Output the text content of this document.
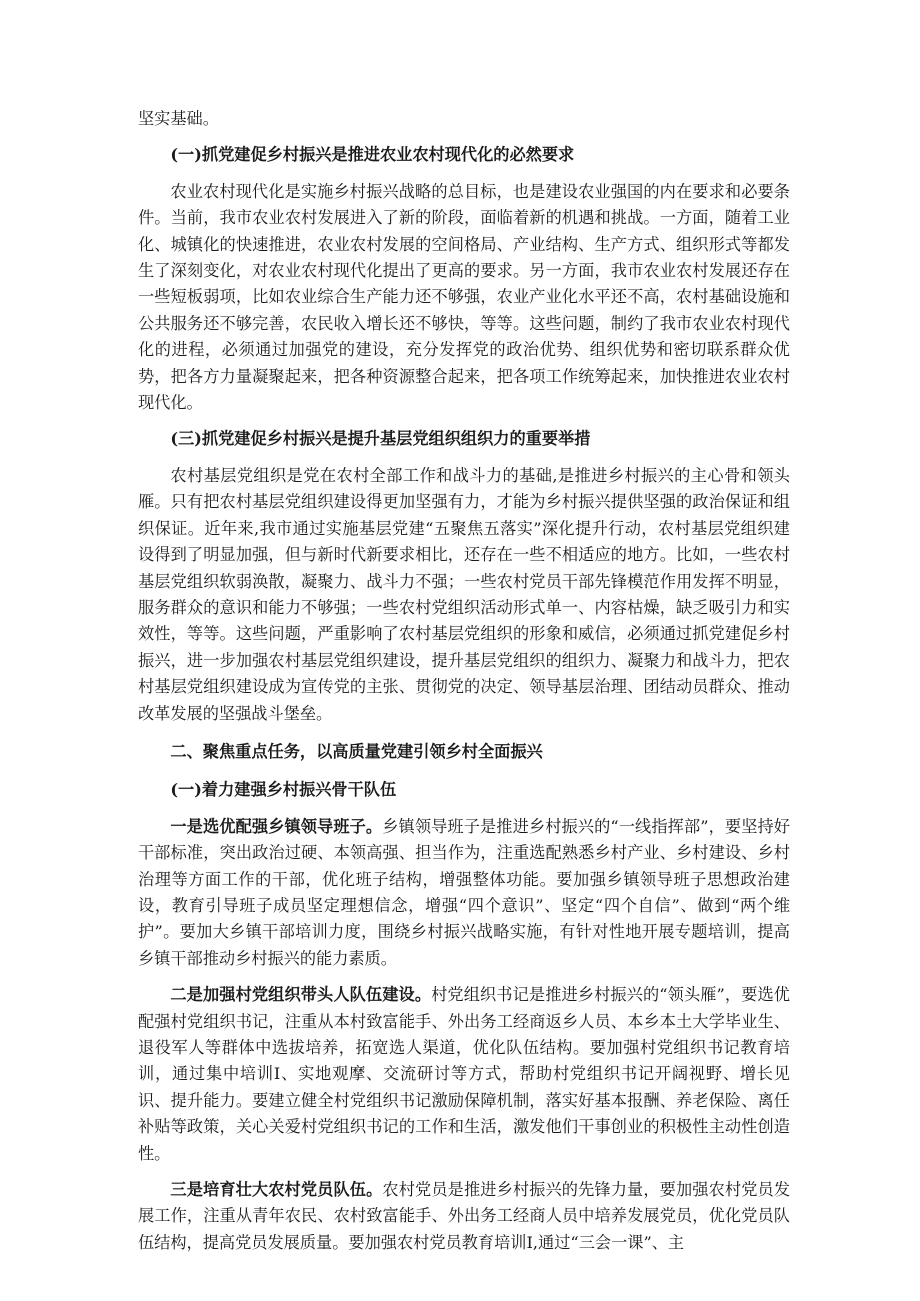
坚实基础。

(一)抓党建促乡村振兴是推进农业农村现代化的必然要求

农业农村现代化是实施乡村振兴战略的总目标，也是建设农业强国的内在要求和必要条件。当前，我市农业农村发展进入了新的阶段，面临着新的机遇和挑战。一方面，随着工业化、城镇化的快速推进，农业农村发展的空间格局、产业结构、生产方式、组织形式等都发生了深刻变化，对农业农村现代化提出了更高的要求。另一方面，我市农业农村发展还存在一些短板弱项，比如农业综合生产能力还不够强，农业产业化水平还不高，农村基础设施和公共服务还不够完善，农民收入增长还不够快，等等。这些问题，制约了我市农业农村现代化的进程，必须通过加强党的建设，充分发挥党的政治优势、组织优势和密切联系群众优势，把各方力量凝聚起来，把各种资源整合起来，把各项工作统筹起来，加快推进农业农村现代化。

(三)抓党建促乡村振兴是提升基层党组织组织力的重要举措

农村基层党组织是党在农村全部工作和战斗力的基础,是推进乡村振兴的主心骨和领头雁。只有把农村基层党组织建设得更加坚强有力，才能为乡村振兴提供坚强的政治保证和组织保证。近年来,我市通过实施基层党建“五聚焦五落实”深化提升行动，农村基层党组织建设得到了明显加强，但与新时代新要求相比，还存在一些不相适应的地方。比如，一些农村基层党组织软弱涣散，凝聚力、战斗力不强；一些农村党员干部先锋模范作用发挥不明显，服务群众的意识和能力不够强；一些农村党组织活动形式单一、内容枯燥，缺乏吸引力和实效性，等等。这些问题，严重影响了农村基层党组织的形象和威信，必须通过抓党建促乡村振兴，进一步加强农村基层党组织建设，提升基层党组织的组织力、凝聚力和战斗力，把农村基层党组织建设成为宣传党的主张、贯彻党的决定、领导基层治理、团结动员群众、推动改革发展的坚强战斗堡垒。

二、聚焦重点任务，以高质量党建引领乡村全面振兴
(一)着力建强乡村振兴骨干队伍

一是选优配强乡镇领导班子。乡镇领导班子是推进乡村振兴的“一线指挥部”，要坚持好干部标准，突出政治过硬、本领高强、担当作为，注重选配熟悉乡村产业、乡村建设、乡村治理等方面工作的干部，优化班子结构，增强整体功能。要加强乡镇领导班子思想政治建设，教育引导班子成员坚定理想信念，增强“四个意识”、坚定“四个自信”、做到“两个维护”。要加大乡镇干部培训力度，围绕乡村振兴战略实施，有针对性地开展专题培训，提高乡镇干部推动乡村振兴的能力素质。

二是加强村党组织带头人队伍建设。村党组织书记是推进乡村振兴的“领头雁”，要选优配强村党组织书记，注重从本村致富能手、外出务工经商返乡人员、本乡本土大学毕业生、退役军人等群体中选拔培养，拓宽选人渠道，优化队伍结构。要加强村党组织书记教育培训，通过集中培训I、实地观摩、交流研讨等方式，帮助村党组织书记开阔视野、增长见识、提升能力。要建立健全村党组织书记激励保障机制，落实好基本报酬、养老保险、离任补贴等政策，关心关爱村党组织书记的工作和生活，激发他们干事创业的积极性主动性创造性。

三是培育壮大农村党员队伍。农村党员是推进乡村振兴的先锋力量，要加强农村党员发展工作，注重从青年农民、农村致富能手、外出务工经商人员中培养发展党员，优化党员队伍结构，提高党员发展质量。要加强农村党员教育培训I,通过“三会一课”、主
